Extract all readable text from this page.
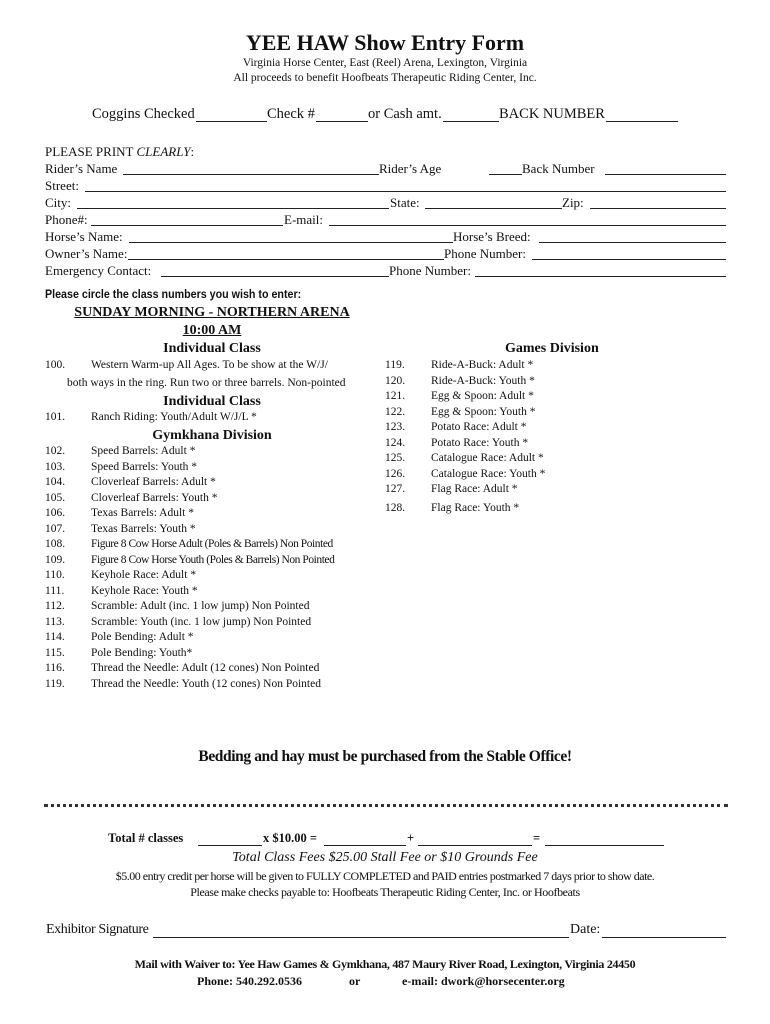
YEE HAW Show Entry Form
Virginia Horse Center, East (Reel) Arena, Lexington, Virginia
All proceeds to benefit Hoofbeats Therapeutic Riding Center, Inc.
Coggins Checked	Check #	or Cash amt.	BACK NUMBER
PLEASE PRINT CLEARLY:
Rider’s Name	Rider’s Age	Back Number
Street:
City:	State:	Zip:
Phone#:	E-mail:
Horse’s Name:	Horse’s Breed:
Owner’s Name:	Phone Number:
Emergency Contact:	Phone Number:
Please circle the class numbers you wish to enter:
SUNDAY MORNING - NORTHERN ARENA
10:00 AM
Individual Class
100. Western Warm-up All Ages. To be show at the W/J/
both ways in the ring. Run two or three barrels. Non-pointed
Individual Class
101. Ranch Riding: Youth/Adult W/J/L *
Gymkhana Division
102. Speed Barrels: Adult *
103. Speed Barrels: Youth *
104. Cloverleaf Barrels: Adult *
105. Cloverleaf Barrels: Youth *
106. Texas Barrels: Adult *
107. Texas Barrels: Youth *
108. Figure 8 Cow Horse Adult (Poles & Barrels) Non Pointed
109. Figure 8 Cow Horse Youth (Poles & Barrels) Non Pointed
110. Keyhole Race: Adult *
111. Keyhole Race: Youth *
112. Scramble: Adult (inc. 1 low jump) Non Pointed
113. Scramble: Youth (inc. 1 low jump) Non Pointed
114. Pole Bending: Adult *
115. Pole Bending: Youth*
116. Thread the Needle: Adult (12 cones) Non Pointed
119. Thread the Needle: Youth (12 cones) Non Pointed
Games Division
119. Ride-A-Buck: Adult *
120. Ride-A-Buck: Youth *
121. Egg & Spoon: Adult *
122. Egg & Spoon: Youth *
123. Potato Race: Adult *
124. Potato Race: Youth *
125. Catalogue Race: Adult *
126. Catalogue Race: Youth *
127. Flag Race: Adult *
128. Flag Race: Youth *
Bedding and hay must be purchased from the Stable Office!
Total # classes	x $10.00 =	+	=
Total Class Fees $25.00 Stall Fee or $10 Grounds Fee
$5.00 entry credit per horse will be given to FULLY COMPLETED and PAID entries postmarked 7 days prior to show date.
Please make checks payable to: Hoofbeats Therapeutic Riding Center, Inc. or Hoofbeats
Exhibitor Signature	Date:
Mail with Waiver to: Yee Haw Games & Gymkhana, 487 Maury River Road, Lexington, Virginia 24450
Phone: 540.292.0536	or	e-mail: dwork@horsecenter.org
